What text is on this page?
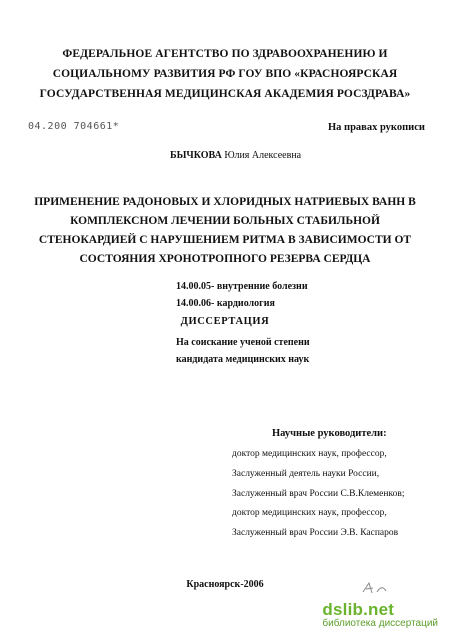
ФЕДЕРАЛЬНОЕ АГЕНТСТВО ПО ЗДРАВООХРАНЕНИЮ И
СОЦИАЛЬНОМУ РАЗВИТИЯ РФ ГОУ ВПО «КРАСНОЯРСКАЯ
ГОСУДАРСТВЕННАЯ МЕДИЦИНСКАЯ АКАДЕМИЯ РОСЗДРАВА»
04.200 704661*	На правах рукописи
БЫЧКОВА Юлия Алексеевна
ПРИМЕНЕНИЕ РАДОНОВЫХ И ХЛОРИДНЫХ НАТРИЕВЫХ ВАНН В
КОМПЛЕКСНОМ ЛЕЧЕНИИ БОЛЬНЫХ СТАБИЛЬНОЙ
СТЕНОКАРДИЕЙ С НАРУШЕНИЕМ РИТМА В ЗАВИСИМОСТИ ОТ
СОСТОЯНИЯ ХРОНОТРОПНОГО РЕЗЕРВА СЕРДЦА
14.00.05- внутренние болезни
14.00.06- кардиология
ДИССЕРТАЦИЯ
На соискание ученой степени
кандидата медицинских наук
Научные руководители:
доктор медицинских наук, профессор,
Заслуженный деятель науки России,
Заслуженный врач России С.В.Клеменков;
доктор медицинских наук, профессор,
Заслуженный врач России Э.В. Каспаров
Красноярск-2006
dslib.net
библиотека диссертаций
